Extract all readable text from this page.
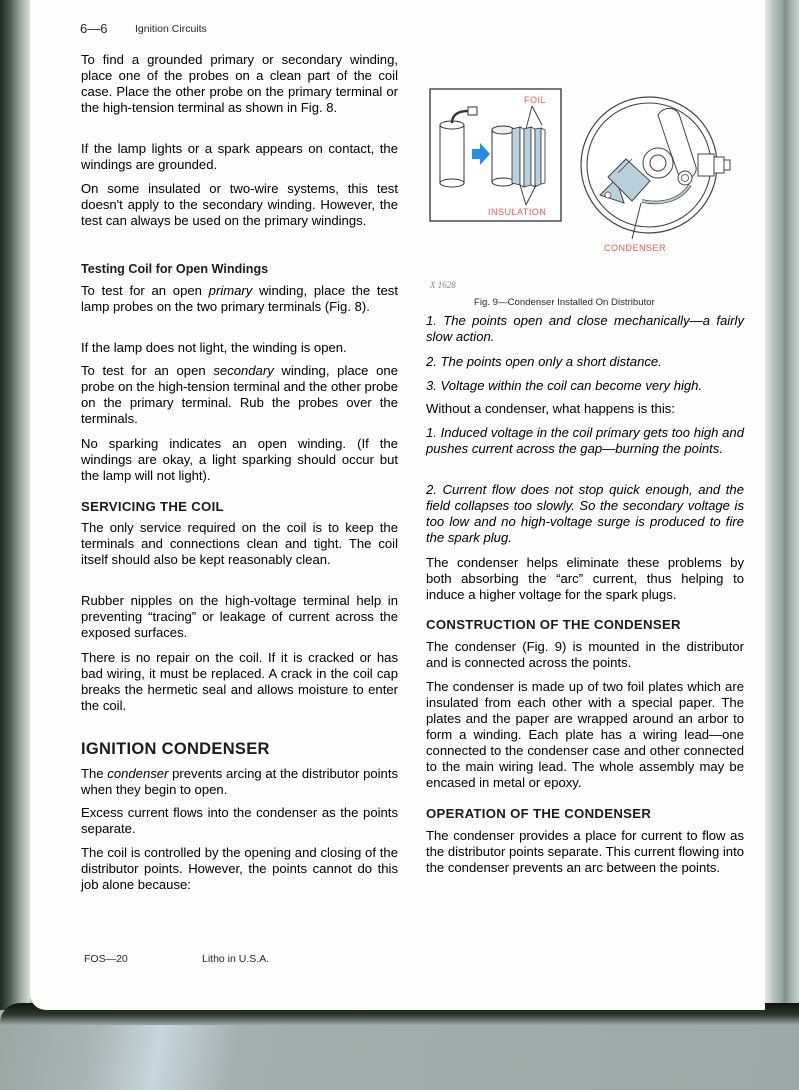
6—6	Ignition Circuits

To find a grounded primary or secondary winding, place one of the probes on a clean part of the coil case. Place the other probe on the primary terminal or the high-tension terminal as shown in Fig. 8.

If the lamp lights or a spark appears on contact, the windings are grounded.

On some insulated or two-wire systems, this test doesn't apply to the secondary winding. However, the test can always be used on the primary windings.

Testing Coil for Open Windings

To test for an open primary winding, place the test lamp probes on the two primary terminals (Fig. 8).

If the lamp does not light, the winding is open.

To test for an open secondary winding, place one probe on the high-tension terminal and the other probe on the primary terminal. Rub the probes over the terminals.

No sparking indicates an open winding. (If the windings are okay, a light sparking should occur but the lamp will not light).

SERVICING THE COIL

The only service required on the coil is to keep the terminals and connections clean and tight. The coil itself should also be kept reasonably clean.

Rubber nipples on the high-voltage terminal help in preventing “tracing” or leakage of current across the exposed surfaces.

There is no repair on the coil. If it is cracked or has bad wiring, it must be replaced. A crack in the coil cap breaks the hermetic seal and allows moisture to enter the coil.

IGNITION CONDENSER

The condenser prevents arcing at the distributor points when they begin to open.

Excess current flows into the condenser as the points separate.

The coil is controlled by the opening and closing of the distributor points. However, the points cannot do this job alone because:

FOIL
INSULATION
CONDENSER
X 1628
Fig. 9—Condenser Installed On Distributor

1. The points open and close mechanically—a fairly slow action.

2. The points open only a short distance.

3. Voltage within the coil can become very high.

Without a condenser, what happens is this:

1. Induced voltage in the coil primary gets too high and pushes current across the gap—burning the points.

2. Current flow does not stop quick enough, and the field collapses too slowly. So the secondary voltage is too low and no high-voltage surge is produced to fire the spark plug.

The condenser helps eliminate these problems by both absorbing the “arc” current, thus helping to induce a higher voltage for the spark plugs.

CONSTRUCTION OF THE CONDENSER

The condenser (Fig. 9) is mounted in the distributor and is connected across the points.

The condenser is made up of two foil plates which are insulated from each other with a special paper. The plates and the paper are wrapped around an arbor to form a winding. Each plate has a wiring lead—one connected to the condenser case and other connected to the main wiring lead. The whole assembly may be encased in metal or epoxy.

OPERATION OF THE CONDENSER

The condenser provides a place for current to flow as the distributor points separate. This current flowing into the condenser prevents an arc between the points.

FOS—20	Litho in U.S.A.
